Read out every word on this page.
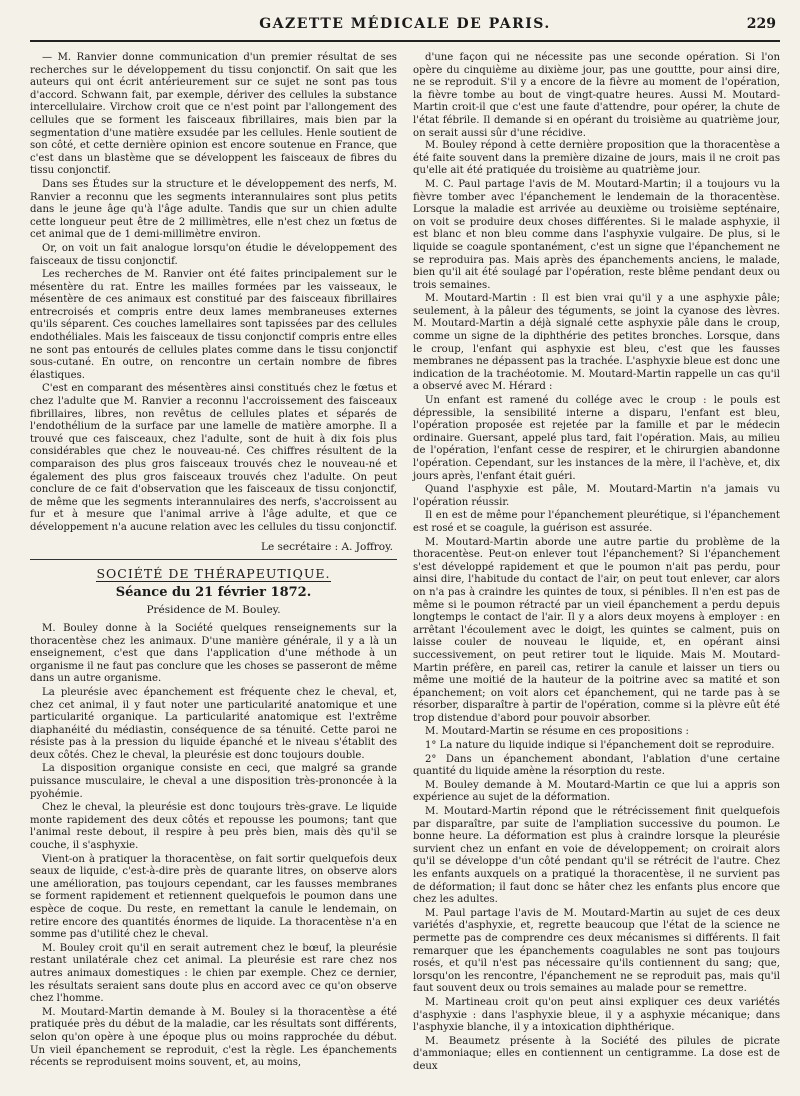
GAZETTE MÉDICALE DE PARIS.	229

— M. Ranvier donne communication d'un premier résultat de ses recherches sur le développement du tissu conjonctif. On sait que les auteurs qui ont écrit antérieurement sur ce sujet ne sont pas tous d'accord. Schwann fait, par exemple, dériver des cellules la substance intercellulaire. Virchow croit que ce n'est point par l'allongement des cellules que se forment les faisceaux fibrillaires, mais bien par la segmentation d'une matière exsudée par les cellules. Henle soutient de son côté, et cette dernière opinion est encore soutenue en France, que c'est dans un blastème que se développent les faisceaux de fibres du tissu conjonctif.

Dans ses Études sur la structure et le développement des nerfs, M. Ranvier a reconnu que les segments interannulaires sont plus petits dans le jeune âge qu'à l'âge adulte. Tandis que sur un chien adulte cette longueur peut être de 2 millimètres, elle n'est chez un fœtus de cet animal que de 1 demi-millimètre environ.

Or, on voit un fait analogue lorsqu'on étudie le développement des faisceaux de tissu conjonctif.

Les recherches de M. Ranvier ont été faites principalement sur le mésentère du rat. Entre les mailles formées par les vaisseaux, le mésentère de ces animaux est constitué par des faisceaux fibrillaires entrecroisés et compris entre deux lames membraneuses externes qu'ils séparent. Ces couches lamellaires sont tapissées par des cellules endothéliales. Mais les faisceaux de tissu conjonctif compris entre elles ne sont pas entourés de cellules plates comme dans le tissu conjonctif sous-cutané. En outre, on rencontre un certain nombre de fibres élastiques.

C'est en comparant des mésentères ainsi constitués chez le fœtus et chez l'adulte que M. Ranvier a reconnu l'accroissement des faisceaux fibrillaires, libres, non revêtus de cellules plates et séparés de l'endothélium de la surface par une lamelle de matière amorphe. Il a trouvé que ces faisceaux, chez l'adulte, sont de huit à dix fois plus considérables que chez le nouveau-né. Ces chiffres résultent de la comparaison des plus gros faisceaux trouvés chez le nouveau-né et également des plus gros faisceaux trouvés chez l'adulte. On peut conclure de ce fait d'observation que les faisceaux de tissu conjonctif, de même que les segments interannulaires des nerfs, s'accroissent au fur et à mesure que l'animal arrive à l'âge adulte, et que ce développement n'a aucune relation avec les cellules du tissu conjonctif.

Le secrétaire : A. Joffroy.
SOCIÉTÉ DE THÉRAPEUTIQUE.
Séance du 21 février 1872.
Présidence de M. Bouley.

M. Bouley donne à la Société quelques renseignements sur la thoracentèse chez les animaux. D'une manière générale, il y a là un enseignement, c'est que dans l'application d'une méthode à un organisme il ne faut pas conclure que les choses se passeront de même dans un autre organisme.

La pleurésie avec épanchement est fréquente chez le cheval, et, chez cet animal, il y faut noter une particularité anatomique et une particularité organique. La particularité anatomique est l'extrême diaphanéité du médiastin, conséquence de sa ténuité. Cette paroi ne résiste pas à la pression du liquide épanché et le niveau s'établit des deux côtés. Chez le cheval, la pleurésie est donc toujours double.

La disposition organique consiste en ceci, que malgré sa grande puissance musculaire, le cheval a une disposition très-prononcée à la pyohémie.

Chez le cheval, la pleurésie est donc toujours très-grave. Le liquide monte rapidement des deux côtés et repousse les poumons; tant que l'animal reste debout, il respire à peu près bien, mais dès qu'il se couche, il s'asphyxie.

Vient-on à pratiquer la thoracentèse, on fait sortir quelquefois deux seaux de liquide, c'est-à-dire près de quarante litres, on observe alors une amélioration, pas toujours cependant, car les fausses membranes se forment rapidement et retiennent quelquefois le poumon dans une espèce de coque. Du reste, en remettant la canule le lendemain, on retire encore des quantités énormes de liquide. La thoracentèse n'a en somme pas d'utilité chez le cheval.

M. Bouley croit qu'il en serait autrement chez le bœuf, la pleurésie restant unilatérale chez cet animal. La pleurésie est rare chez nos autres animaux domestiques : le chien par exemple. Chez ce dernier, les résultats seraient sans doute plus en accord avec ce qu'on observe chez l'homme.

M. Moutard-Martin demande à M. Bouley si la thoracentèse a été pratiquée près du début de la maladie, car les résultats sont différents, selon qu'on opère à une époque plus ou moins rapprochée du début. Un vieil épanchement se reproduit, c'est la règle. Les épanchements récents se reproduisent moins souvent, et, au moins,

d'une façon qui ne nécessite pas une seconde opération. Si l'on opère du cinquième au dixième jour, pas une gouttte, pour ainsi dire, ne se reproduit. S'il y a encore de la fièvre au moment de l'opération, la fièvre tombe au bout de vingt-quatre heures. Aussi M. Moutard-Martin croit-il que c'est une faute d'attendre, pour opérer, la chute de l'état fébrile. Il demande si en opérant du troisième au quatrième jour, on serait aussi sûr d'une récidive.

M. Bouley répond à cette dernière proposition que la thoracentèse a été faite souvent dans la première dizaine de jours, mais il ne croit pas qu'elle ait été pratiquée du troisième au quatrième jour.

M. C. Paul partage l'avis de M. Moutard-Martin; il a toujours vu la fièvre tomber avec l'épanchement le lendemain de la thoracentèse. Lorsque la maladie est arrivée au deuxième ou troisième septénaire, on voit se produire deux choses différentes. Si le malade asphyxie, il est blanc et non bleu comme dans l'asphyxie vulgaire. De plus, si le liquide se coagule spontanément, c'est un signe que l'épanchement ne se reproduira pas. Mais après des épanchements anciens, le malade, bien qu'il ait été soulagé par l'opération, reste blême pendant deux ou trois semaines.

M. Moutard-Martin : Il est bien vrai qu'il y a une asphyxie pâle; seulement, à la pâleur des téguments, se joint la cyanose des lèvres. M. Moutard-Martin a déjà signalé cette asphyxie pâle dans le croup, comme un signe de la diphthérie des petites bronches. Lorsque, dans le croup, l'enfant qui asphyxie est bleu, c'est que les fausses membranes ne dépassent pas la trachée. L'asphyxie bleue est donc une indication de la trachéotomie. M. Moutard-Martin rappelle un cas qu'il a observé avec M. Hérard :

Un enfant est ramené du collége avec le croup : le pouls est dépressible, la sensibilité interne a disparu, l'enfant est bleu, l'opération proposée est rejetée par la famille et par le médecin ordinaire. Guersant, appelé plus tard, fait l'opération. Mais, au milieu de l'opération, l'enfant cesse de respirer, et le chirurgien abandonne l'opération. Cependant, sur les instances de la mère, il l'achève, et, dix jours après, l'enfant était guéri.

Quand l'asphyxie est pâle, M. Moutard-Martin n'a jamais vu l'opération réussir.

Il en est de même pour l'épanchement pleurétique, si l'épanchement est rosé et se coagule, la guérison est assurée.

M. Moutard-Martin aborde une autre partie du problème de la thoracentèse. Peut-on enlever tout l'épanchement? Si l'épanchement s'est développé rapidement et que le poumon n'ait pas perdu, pour ainsi dire, l'habitude du contact de l'air, on peut tout enlever, car alors on n'a pas à craindre les quintes de toux, si pénibles. Il n'en est pas de même si le poumon rétracté par un vieil épanchement a perdu depuis longtemps le contact de l'air. Il y a alors deux moyens à employer : en arrêtant l'écoulement avec le doigt, les quintes se calment, puis on laisse couler de nouveau le liquide, et, en opérant ainsi successivement, on peut retirer tout le liquide. Mais M. Moutard-Martin préfère, en pareil cas, retirer la canule et laisser un tiers ou même une moitié de la hauteur de la poitrine avec sa matité et son épanchement; on voit alors cet épanchement, qui ne tarde pas à se résorber, disparaître à partir de l'opération, comme si la plèvre eût été trop distendue d'abord pour pouvoir absorber.

M. Moutard-Martin se résume en ces propositions :

1° La nature du liquide indique si l'épanchement doit se reproduire.

2° Dans un épanchement abondant, l'ablation d'une certaine quantité du liquide amène la résorption du reste.

M. Bouley demande à M. Moutard-Martin ce que lui a appris son expérience au sujet de la déformation.

M. Moutard-Martin répond que le rétrécissement finit quelquefois par disparaître, par suite de l'ampliation successive du poumon. Le bonne heure. La déformation est plus à craindre lorsque la pleurésie survient chez un enfant en voie de développement; on croirait alors qu'il se développe d'un côté pendant qu'il se rétrécit de l'autre. Chez les enfants auxquels on a pratiqué la thoracentèse, il ne survient pas de déformation; il faut donc se hâter chez les enfants plus encore que chez les adultes.

M. Paul partage l'avis de M. Moutard-Martin au sujet de ces deux variétés d'asphyxie, et, regrette beaucoup que l'état de la science ne permette pas de comprendre ces deux mécanismes si différents. Il fait remarquer que les épanchements coagulables ne sont pas toujours rosés, et qu'il n'est pas nécessaire qu'ils contiennent du sang; que, lorsqu'on les rencontre, l'épanchement ne se reproduit pas, mais qu'il faut souvent deux ou trois semaines au malade pour se remettre.

M. Martineau croit qu'on peut ainsi expliquer ces deux variétés d'asphyxie : dans l'asphyxie bleue, il y a asphyxie mécanique; dans l'asphyxie blanche, il y a intoxication diphthérique.

M. Beaumetz présente à la Société des pilules de picrate d'ammoniaque; elles en contiennent un centigramme. La dose est de deux
